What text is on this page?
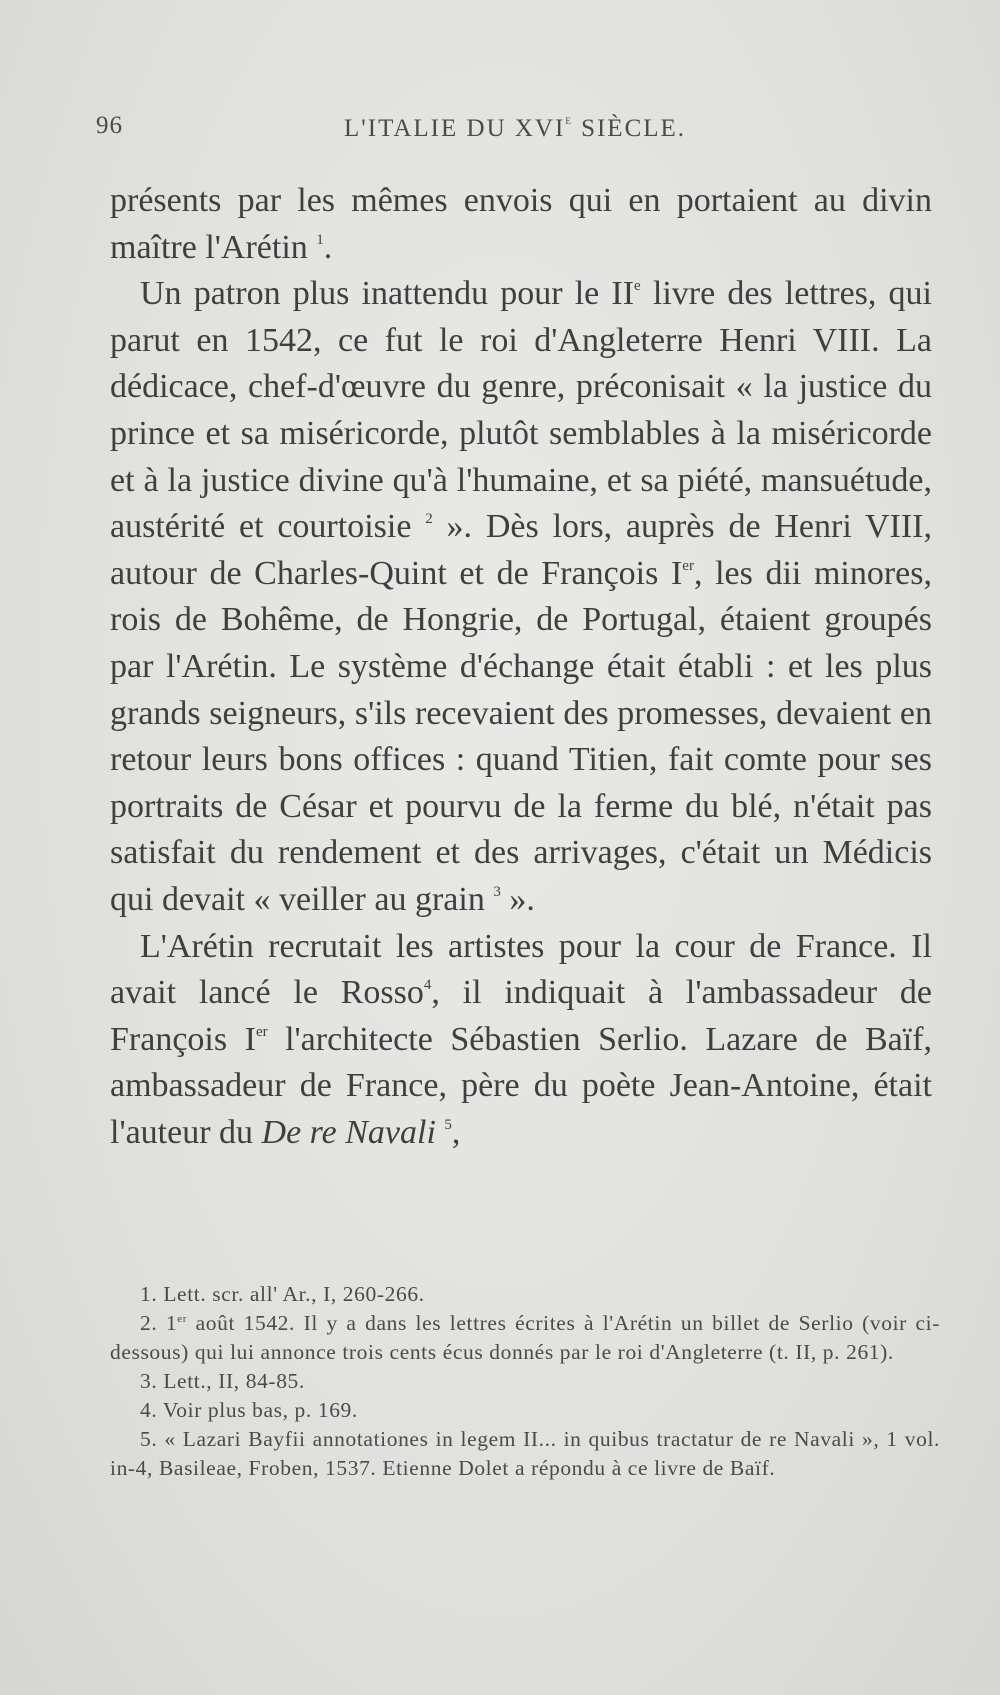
96	L'ITALIE DU XVIe SIÈCLE.

présents par les mêmes envois qui en portaient au divin maître l'Arétin $^1$.

Un patron plus inattendu pour le IIe livre des lettres, qui parut en 1542, ce fut le roi d'Angleterre Henri VIII. La dédicace, chef-d'œuvre du genre, préconisait « la justice du prince et sa miséricorde, plutôt semblables à la miséricorde et à la justice divine qu'à l'humaine, et sa piété, mansuétude, austérité et courtoisie $^2$ ». Dès lors, auprès de Henri VIII, autour de Charles-Quint et de François Ier, les dii minores, rois de Bohême, de Hongrie, de Portugal, étaient groupés par l'Arétin. Le système d'échange était établi : et les plus grands seigneurs, s'ils recevaient des promesses, devaient en retour leurs bons offices : quand Titien, fait comte pour ses portraits de César et pourvu de la ferme du blé, n'était pas satisfait du rendement et des arrivages, c'était un Médicis qui devait « veiller au grain $^3$ ».

L'Arétin recrutait les artistes pour la cour de France. Il avait lancé le Rosso$^4$, il indiquait à l'ambassadeur de François Ier l'architecte Sébastien Serlio. Lazare de Baïf, ambassadeur de France, père du poète Jean-Antoine, était l'auteur du De re Navali $^5$,

1. Lett. scr. all' Ar., I, 260-266.

2. 1er août 1542. Il y a dans les lettres écrites à l'Arétin un billet de Serlio (voir ci-dessous) qui lui annonce trois cents écus donnés par le roi d'Angleterre (t. II, p. 261).

3. Lett., II, 84-85.

4. Voir plus bas, p. 169.

5. « Lazari Bayfii annotationes in legem II... in quibus tractatur de re Navali », 1 vol. in-4, Basileae, Froben, 1537. Etienne Dolet a répondu à ce livre de Baïf.
